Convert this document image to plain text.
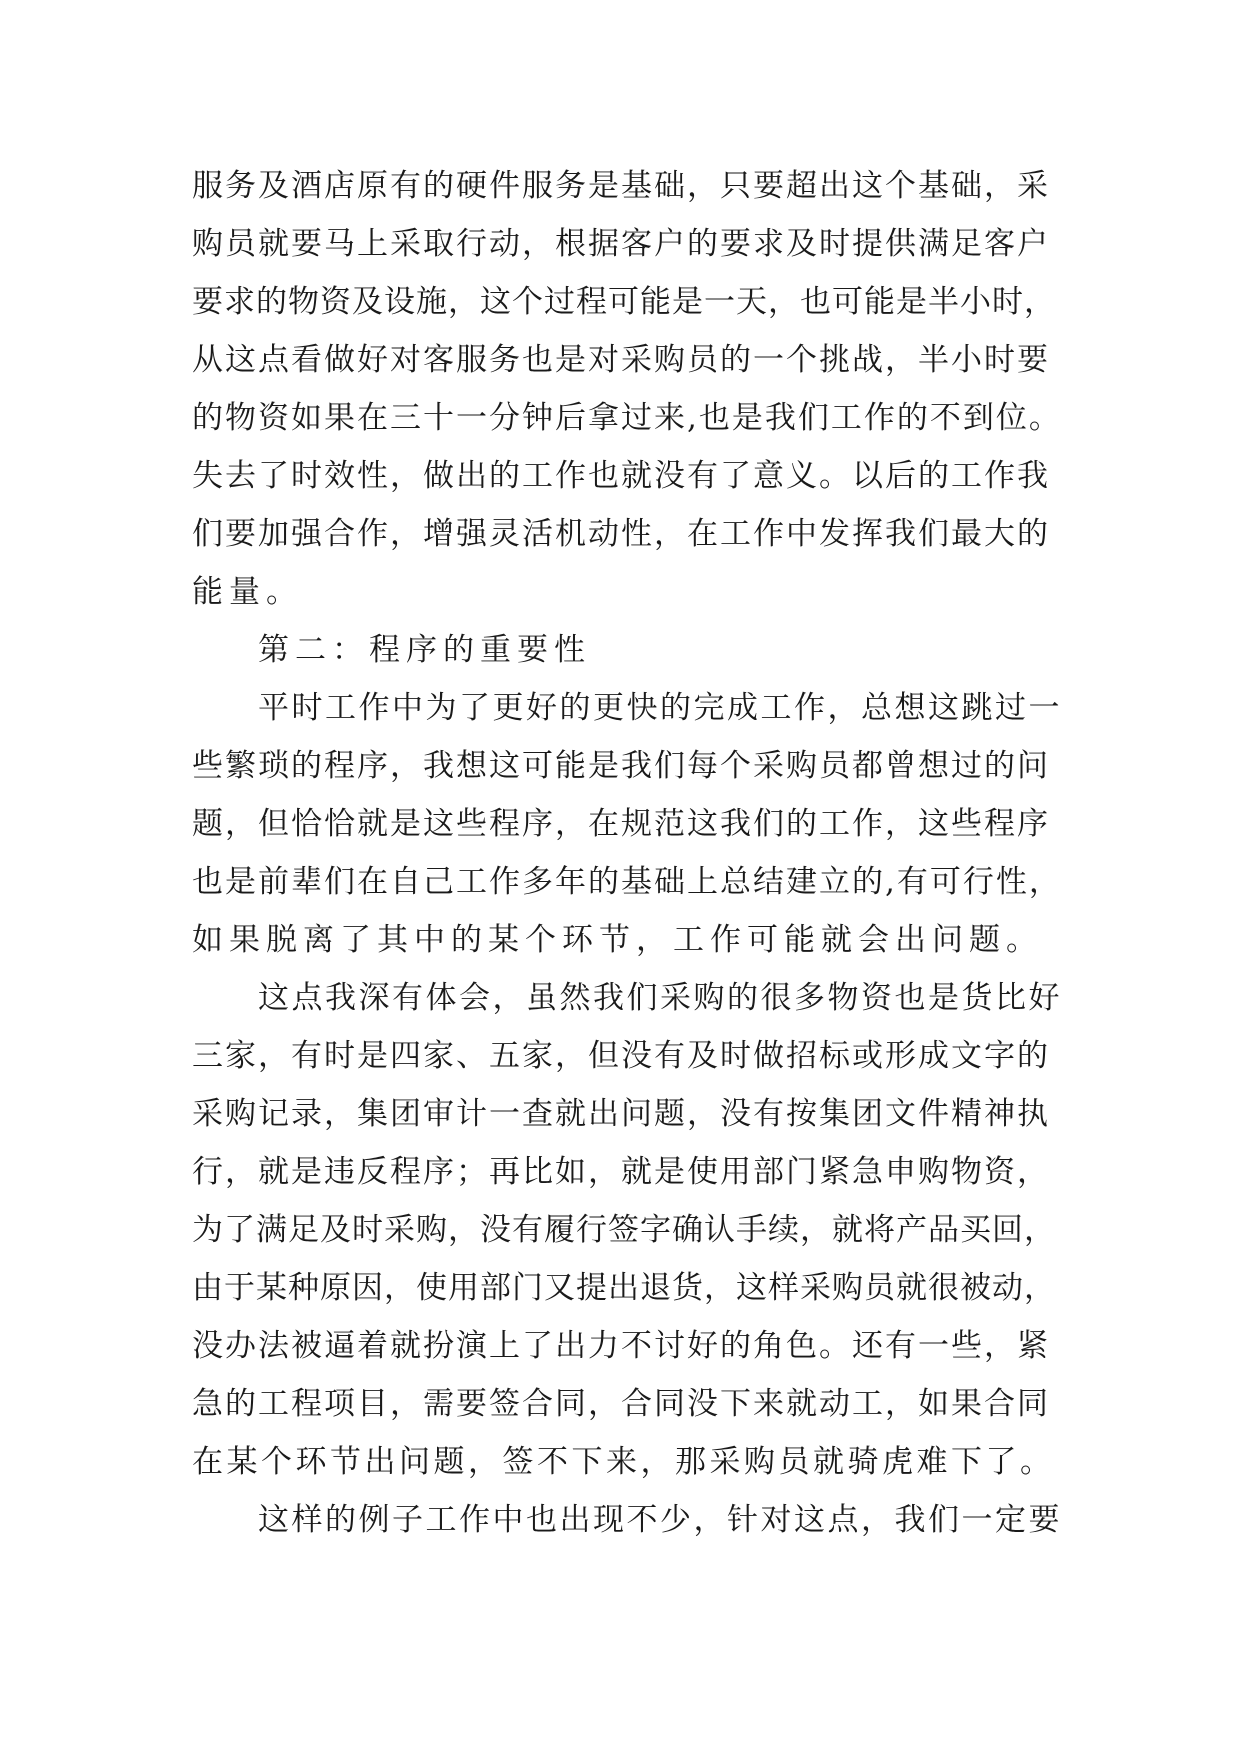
服务及酒店原有的硬件服务是基础，只要超出这个基础，采
购员就要马上采取行动，根据客户的要求及时提供满足客户
要求的物资及设施，这个过程可能是一天，也可能是半小时，
从这点看做好对客服务也是对采购员的一个挑战，半小时要
的物资如果在三十一分钟后拿过来,也是我们工作的不到位。
失去了时效性，做出的工作也就没有了意义。以后的工作我
们要加强合作，增强灵活机动性，在工作中发挥我们最大的
能量。
第二：程序的重要性
平时工作中为了更好的更快的完成工作，总想这跳过一
些繁琐的程序，我想这可能是我们每个采购员都曾想过的问
题，但恰恰就是这些程序，在规范这我们的工作，这些程序
也是前辈们在自己工作多年的基础上总结建立的,有可行性，
如果脱离了其中的某个环节，工作可能就会出问题。
这点我深有体会，虽然我们采购的很多物资也是货比好
三家，有时是四家、五家，但没有及时做招标或形成文字的
采购记录，集团审计一查就出问题，没有按集团文件精神执
行，就是违反程序；再比如，就是使用部门紧急申购物资，
为了满足及时采购，没有履行签字确认手续，就将产品买回，
由于某种原因，使用部门又提出退货，这样采购员就很被动，
没办法被逼着就扮演上了出力不讨好的角色。还有一些，紧
急的工程项目，需要签合同，合同没下来就动工，如果合同
在某个环节出问题，签不下来，那采购员就骑虎难下了。
这样的例子工作中也出现不少，针对这点，我们一定要
